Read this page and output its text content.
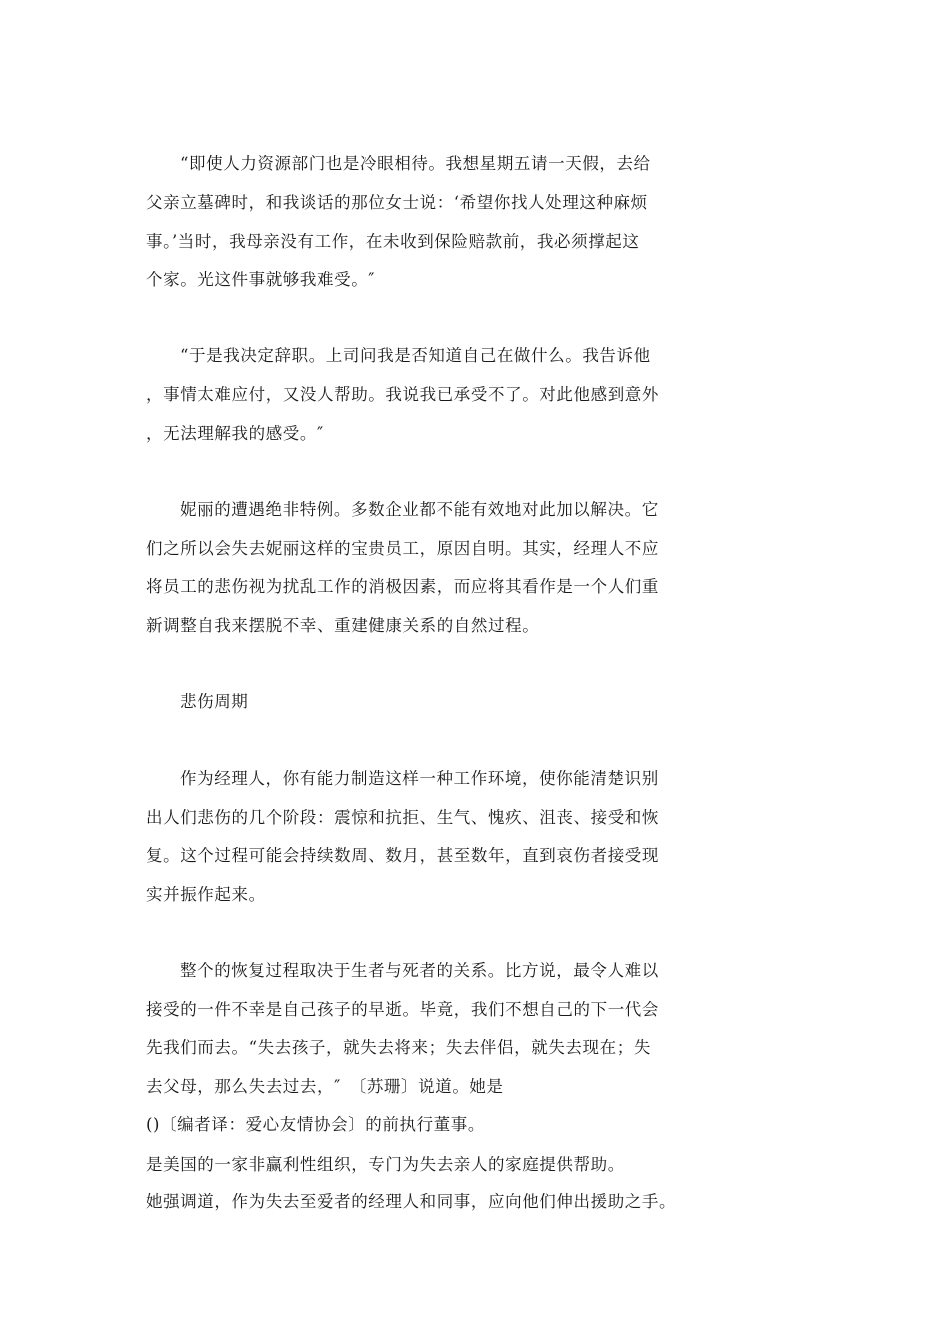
“即使人力资源部门也是冷眼相待。我想星期五请一天假，去给
父亲立墓碑时，和我谈话的那位女士说：‘希望你找人处理这种麻烦
事。’当时，我母亲没有工作，在未收到保险赔款前，我必须撑起这
个家。光这件事就够我难受。″
“于是我决定辞职。上司问我是否知道自己在做什么。我告诉他
，事情太难应付，又没人帮助。我说我已承受不了。对此他感到意外
，无法理解我的感受。″
妮丽的遭遇绝非特例。多数企业都不能有效地对此加以解决。它
们之所以会失去妮丽这样的宝贵员工，原因自明。其实，经理人不应
将员工的悲伤视为扰乱工作的消极因素，而应将其看作是一个人们重
新调整自我来摆脱不幸、重建健康关系的自然过程。
悲伤周期
作为经理人，你有能力制造这样一种工作环境，使你能清楚识别
出人们悲伤的几个阶段：震惊和抗拒、生气、愧疚、沮丧、接受和恢
复。这个过程可能会持续数周、数月，甚至数年，直到哀伤者接受现
实并振作起来。
整个的恢复过程取决于生者与死者的关系。比方说，最令人难以
接受的一件不幸是自己孩子的早逝。毕竟，我们不想自己的下一代会
先我们而去。“失去孩子，就失去将来；失去伴侣，就失去现在；失
去父母，那么失去过去，″　〔苏珊〕说道。她是
()〔编者译：爱心友情协会〕的前执行董事。
是美国的一家非赢利性组织，专门为失去亲人的家庭提供帮助。
她强调道，作为失去至爱者的经理人和同事，应向他们伸出援助之手。
